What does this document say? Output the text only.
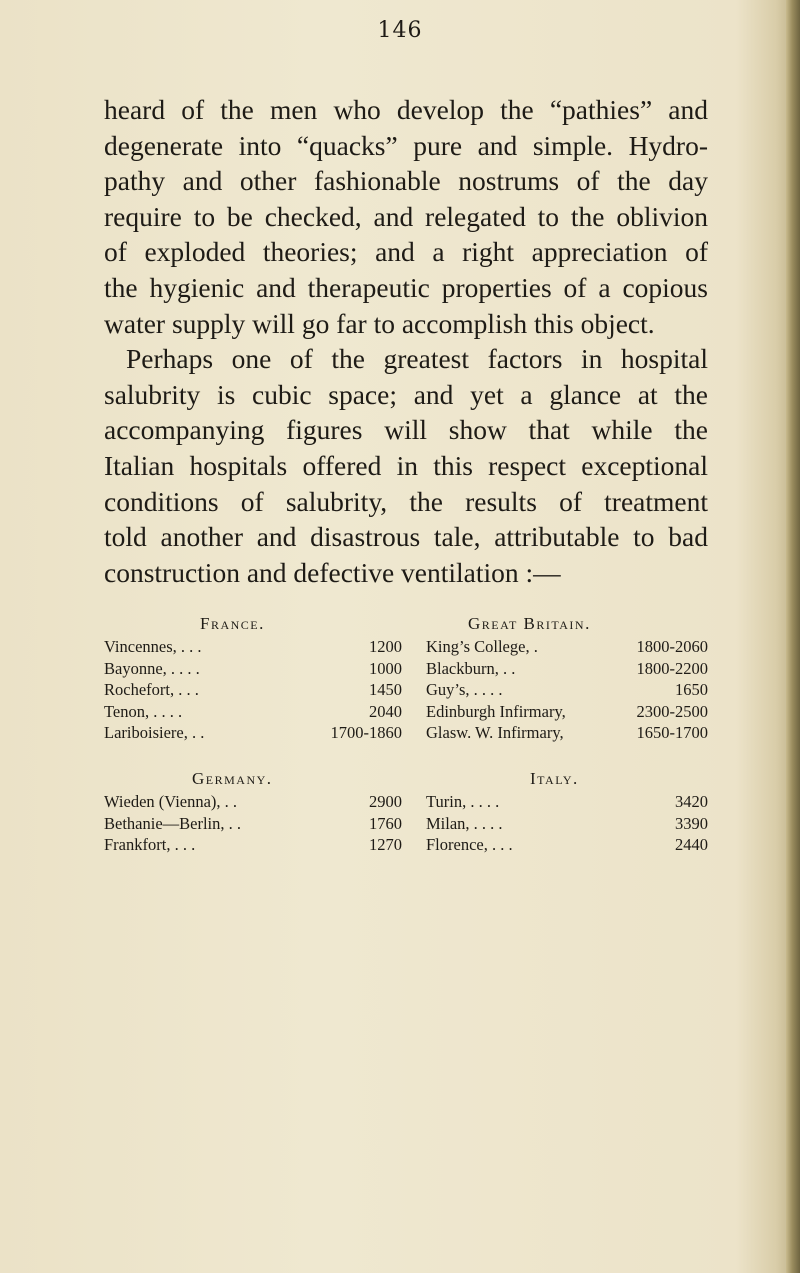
146
heard of the men who develop the “pathies” and
degenerate into “quacks” pure and simple. Hydro-
pathy and other fashionable nostrums of the day
require to be checked, and relegated to the oblivion
of exploded theories; and a right appreciation of
the hygienic and therapeutic properties of a copious
water supply will go far to accomplish this object.
Perhaps one of the greatest factors in hospital
salubrity is cubic space; and yet a glance at the
accompanying figures will show that while the
Italian hospitals offered in this respect exceptional
conditions of salubrity, the results of treatment
told another and disastrous tale, attributable to bad
construction and defective ventilation :—
France.
Vincennes, . . .	1200
Bayonne, . . . .	1000
Rochefort, . . .	1450
Tenon, . . . .	2040
Lariboisiere, . .	1700-1860
Great Britain.
King’s College, .	1800-2060
Blackburn, . .	1800-2200
Guy’s, . . . .	1650
Edinburgh Infirmary,	2300-2500
Glasw. W. Infirmary,	1650-1700
Germany.
Wieden (Vienna), . .	2900
Bethanie—Berlin, . .	1760
Frankfort, . . .	1270
Italy.
Turin, . . . .	3420
Milan, . . . .	3390
Florence, . . .	2440
